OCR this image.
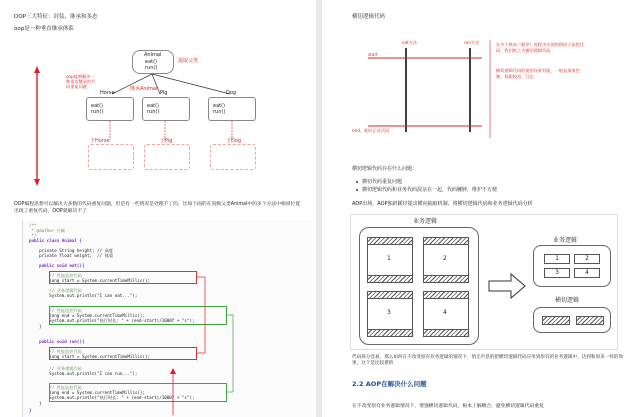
OOP三大特征：封装、继承和多态
oop是一种垂直继承体系
oop能够解决一种垂直继承的代码重复问题
Animal
eat()
run()
提取父类
继承Animal
Horse
eat()
run()
Pig
eat()
run()
Dog
eat()
run()
子Horse	子Pig	子Dog
OOP编程思想可以解决大多数的代码重复问题，但是有一些情况是处理不了的，比如下面的在顶级父类Animal中的多个方法中相同位置出现了重复代码，OOP就解决不了
/**
* @author 应巅
*/
public class Animal {
private String height; // 高度
private float weight;  // 体重
public void eat(){
// 性能监控代码
long start = System.currentTimeMillis();
// 业务逻辑代码
System.out.println("I can eat...");
// 性能监控代码
long end = System.currentTimeMillis();
System.out.println("执行时长: " + (end-start)/1000f + "s");
}
public void run(){
// 性能监控代码
long start = System.currentTimeMillis();
// 业务逻辑代码
System.out.println("I can run...");
// 性能监控代码
long end = System.currentTimeMillis();
System.out.println("执行时长: " + (end-start)/1000f + "s");
}
}
横切逻辑代码
eat方法	run方法
start
end、耗时记录代码
在多个纵向（顺序）流程中出现的相同子流程代码，我们称之为横切逻辑代码
横切逻辑代码的使用场景有限，一般是事务控制、权限校验、日志
横切逻辑代码存在什么问题：
横切代码重复问题
横切逻辑代码和业务代码混杂在一起，代码臃肿，维护不方便
AOP出场，AOP独辟蹊径提出横向抽取机制，将横切逻辑代码和业务逻辑代码分析
业务逻辑
1	2
3	4
业务逻辑
1	2
3	4
横切逻辑
代码拆分容易，那么如何在不改变原有业务逻辑的情况下，悄无声息的把横切逻辑代码应用到原有的业务逻辑中，达到和原来一样的效果，这个是比较难的
2.2 AOP在解决什么问题
在不改变原有业务逻辑情况下，增强横切逻辑代码，根本上解耦合，避免横切逻辑代码重复
